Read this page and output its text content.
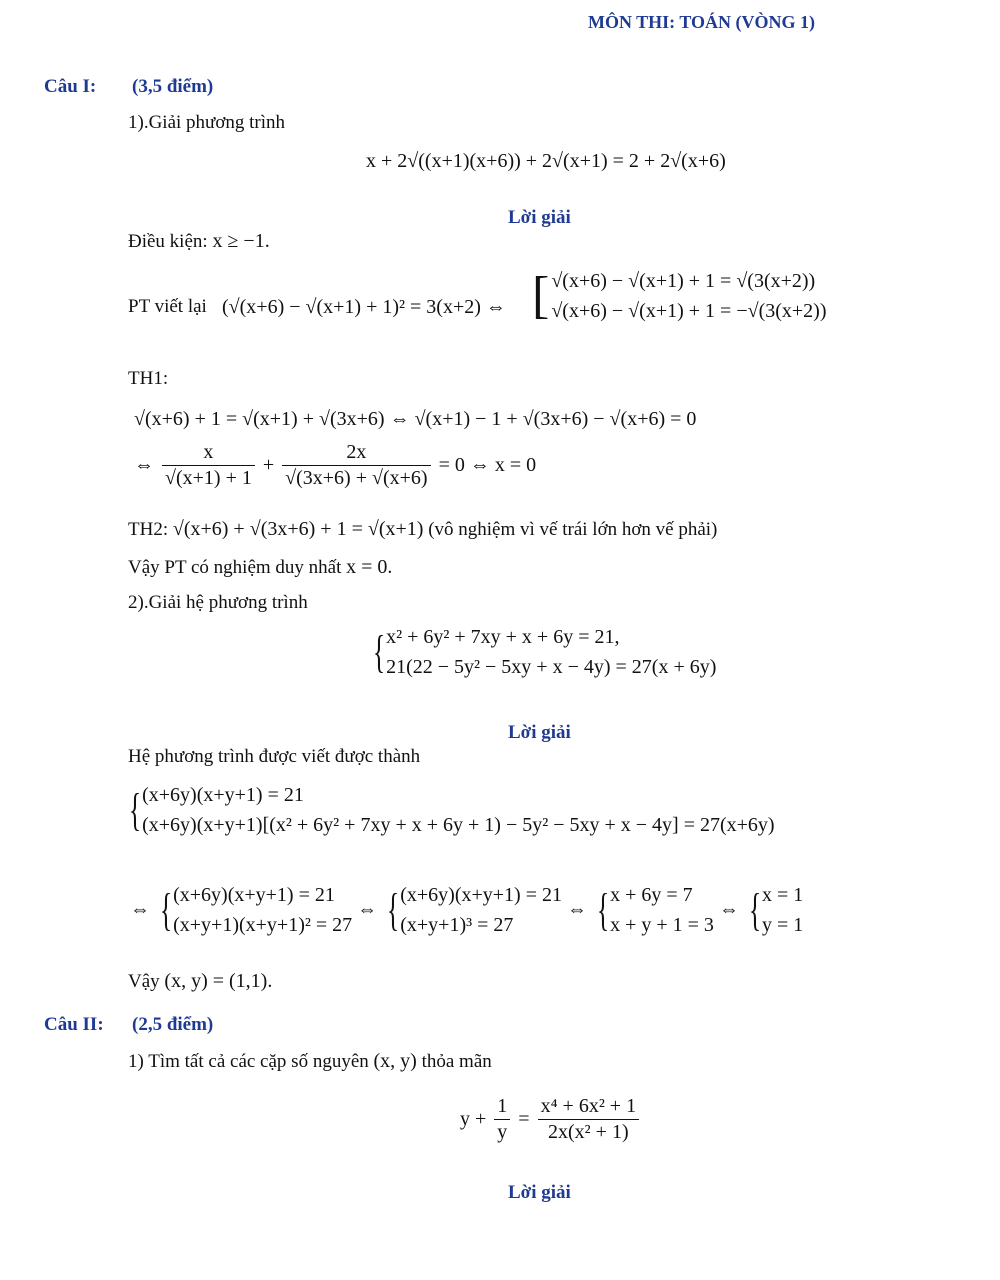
MÔN THI: TOÁN (VÒNG 1)
Câu I: (3,5 điểm)
1).Giải phương trình
x + 2√((x+1)(x+6)) + 2√(x+1) = 2 + 2√(x+6)
Lời giải
Điều kiện: x ≥ −1.
PT viết lại (√(x+6) − √(x+1) + 1)² = 3(x+2) ⇔ [ √(x+6) − √(x+1) + 1 = √(3(x+2))
√(x+6) − √(x+1) + 1 = −√(3(x+2))
TH1:
√(x+6) + 1 = √(x+1) + √(3x+6) ⇔ √(x+1) − 1 + √(3x+6) − √(x+6) = 0
⇔ $\frac{x}{√(x+1) + 1} + \frac{2x}{√(3x+6) + √(x+6)} = 0$ ⇔ x = 0
TH2: √(x+6) + √(3x+6) + 1 = √(x+1) (vô nghiệm vì vế trái lớn hơn vế phải)
Vậy PT có nghiệm duy nhất x = 0.
2).Giải hệ phương trình
{ x² + 6y² + 7xy + x + 6y = 21,
21(22 − 5y² − 5xy + x − 4y) = 27(x + 6y)
Lời giải
Hệ phương trình được viết được thành
{ (x+6y)(x+y+1) = 21
(x+6y)(x+y+1)[(x² + 6y² + 7xy + x + 6y + 1) − 5y² − 5xy + x − 4y] = 27(x+6y)
⇔ { (x+6y)(x+y+1) = 21
(x+y+1)(x+y+1)² = 27
⇔ { (x+6y)(x+y+1) = 21
(x+y+1)³ = 27
⇔ { x + 6y = 7
x + y + 1 = 3
⇔ { x = 1
y = 1
Vậy (x, y) = (1,1).
Câu II: (2,5 điểm)
1) Tìm tất cả các cặp số nguyên (x, y) thỏa mãn
$y + \frac{1}{y} = \frac{\text{x⁴ + 6x² + 1}}{\text{2x(x² + 1)}}$
Lời giải
